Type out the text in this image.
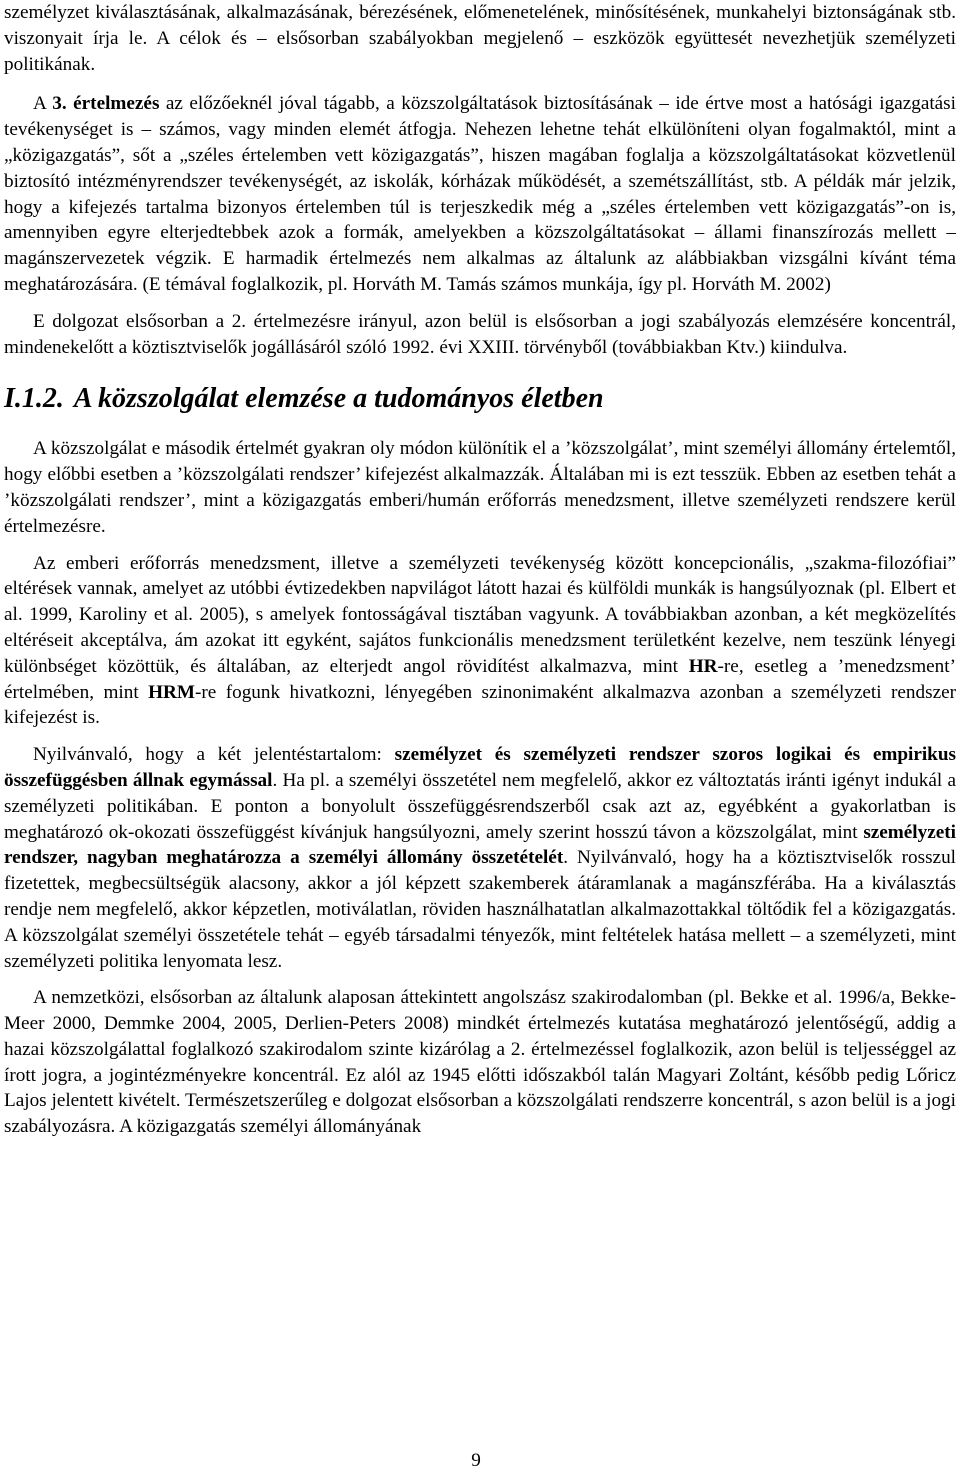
személyzet kiválasztásának, alkalmazásának, bérezésének, előmenetelének, minősítésének, munkahelyi biztonságának stb. viszonyait írja le. A célok és – elsősorban szabályokban megjelenő – eszközök együttesét nevezhetjük személyzeti politikának.

A 3. értelmezés az előzőeknél jóval tágabb, a közszolgáltatások biztosításának – ide értve most a hatósági igazgatási tevékenységet is – számos, vagy minden elemét átfogja. Nehezen lehetne tehát elkülöníteni olyan fogalmaktól, mint a „közigazgatás”, sőt a „széles értelemben vett közigazgatás”, hiszen magában foglalja a közszolgáltatásokat közvetlenül biztosító intézményrendszer tevékenységét, az iskolák, kórházak működését, a szemétszállítást, stb. A példák már jelzik, hogy a kifejezés tartalma bizonyos értelemben túl is terjeszkedik még a „széles értelemben vett közigazgatás”-on is, amennyiben egyre elterjedtebbek azok a formák, amelyekben a közszolgáltatásokat – állami finanszírozás mellett – magánszervezetek végzik. E harmadik értelmezés nem alkalmas az általunk az alábbiakban vizsgálni kívánt téma meghatározására. (E témával foglalkozik, pl. Horváth M. Tamás számos munkája, így pl. Horváth M. 2002)

E dolgozat elsősorban a 2. értelmezésre irányul, azon belül is elsősorban a jogi szabályozás elemzésére koncentrál, mindenekelőtt a köztisztviselők jogállásáról szóló 1992. évi XXIII. törvényből (továbbiakban Ktv.) kiindulva.

I.1.2. A közszolgálat elemzése a tudományos életben

A közszolgálat e második értelmét gyakran oly módon különítik el a ’közszolgálat’, mint személyi állomány értelemtől, hogy előbbi esetben a ’közszolgálati rendszer’ kifejezést alkalmazzák. Általában mi is ezt tesszük. Ebben az esetben tehát a ’közszolgálati rendszer’, mint a közigazgatás emberi/humán erőforrás menedzsment, illetve személyzeti rendszere kerül értelmezésre.

Az emberi erőforrás menedzsment, illetve a személyzeti tevékenység között koncepcionális, „szakma-filozófiai” eltérések vannak, amelyet az utóbbi évtizedekben napvilágot látott hazai és külföldi munkák is hangsúlyoznak (pl. Elbert et al. 1999, Karoliny et al. 2005), s amelyek fontosságával tisztában vagyunk. A továbbiakban azonban, a két megközelítés eltéréseit akceptálva, ám azokat itt egyként, sajátos funkcionális menedzsment területként kezelve, nem teszünk lényegi különbséget közöttük, és általában, az elterjedt angol rövidítést alkalmazva, mint HR-re, esetleg a ’menedzsment’ értelmében, mint HRM-re fogunk hivatkozni, lényegében szinonimaként alkalmazva azonban a személyzeti rendszer kifejezést is.

Nyilvánvaló, hogy a két jelentéstartalom: személyzet és személyzeti rendszer szoros logikai és empirikus összefüggésben állnak egymással. Ha pl. a személyi összetétel nem megfelelő, akkor ez változtatás iránti igényt indukál a személyzeti politikában. E ponton a bonyolult összefüggésrendszerből csak azt az, egyébként a gyakorlatban is meghatározó ok-okozati összefüggést kívánjuk hangsúlyozni, amely szerint hosszú távon a közszolgálat, mint személyzeti rendszer, nagyban meghatározza a személyi állomány összetételét. Nyilvánvaló, hogy ha a köztisztviselők rosszul fizetettek, megbecsültségük alacsony, akkor a jól képzett szakemberek átáramlanak a magánszférába. Ha a kiválasztás rendje nem megfelelő, akkor képzetlen, motiválatlan, röviden használhatatlan alkalmazottakkal töltődik fel a közigazgatás. A közszolgálat személyi összetétele tehát – egyéb társadalmi tényezők, mint feltételek hatása mellett – a személyzeti, mint személyzeti politika lenyomata lesz.

A nemzetközi, elsősorban az általunk alaposan áttekintett angolszász szakirodalomban (pl. Bekke et al. 1996/a, Bekke-Meer 2000, Demmke 2004, 2005, Derlien-Peters 2008) mindkét értelmezés kutatása meghatározó jelentőségű, addig a hazai közszolgálattal foglalkozó szakirodalom szinte kizárólag a 2. értelmezéssel foglalkozik, azon belül is teljességgel az írott jogra, a jogintézményekre koncentrál. Ez alól az 1945 előtti időszakból talán Magyari Zoltánt, később pedig Lőricz Lajos jelentett kivételt. Természetszerűleg e dolgozat elsősorban a közszolgálati rendszerre koncentrál, s azon belül is a jogi szabályozásra. A közigazgatás személyi állományának

9
